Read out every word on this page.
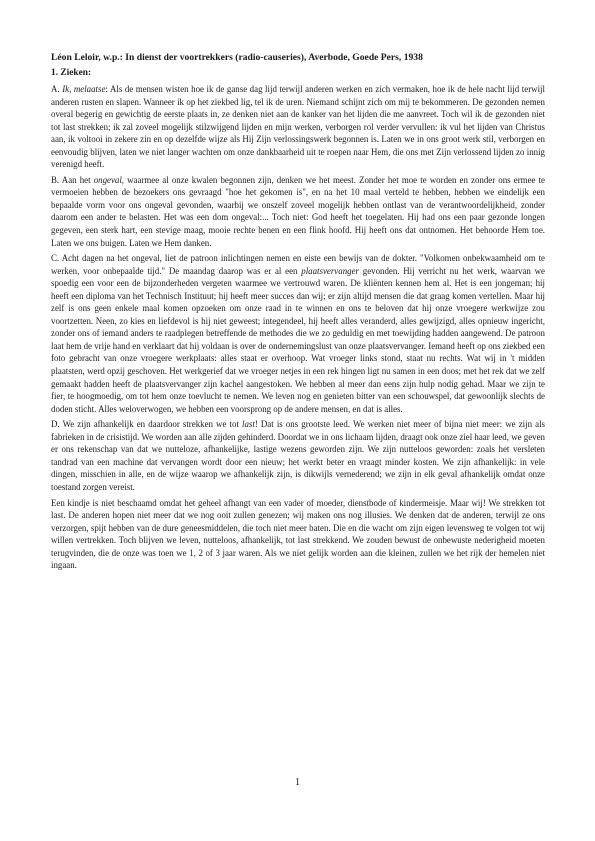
Léon Leloir, w.p.: In dienst der voortrekkers (radio-causeries), Averbode, Goede Pers, 1938
1. Zieken:

A. Ik, melaatse: Als de mensen wisten hoe ik de ganse dag lijd terwijl anderen werken en zich vermaken, hoe ik de hele nacht lijd terwijl anderen rusten en slapen. Wanneer ik op het ziekbed lig, tel ik de uren. Niemand schijnt zich om mij te bekommeren. De gezonden nemen overal begerig en gewichtig de eerste plaats in, ze denken niet aan de kanker van het lijden die me aanvreet. Toch wil ik de gezonden niet tot last strekken; ik zal zoveel mogelijk stilzwijgend lijden en mijn werken, verborgen rol verder vervullen: ik vul het lijden van Christus aan, ik voltooi in zekere zin en op dezelfde wijze als Hij Zijn verlossingswerk begonnen is. Laten we in ons groot werk stil, verborgen en eenvoudig blijven, laten we niet langer wachten om onze dankbaarheid uit te roepen naar Hem, die ons met Zijn verlossend lijden zo innig verenigd heeft.

B. Aan het ongeval, waarmee al onze kwalen begonnen zijn, denken we het meest. Zonder het moe te worden en zonder ons ermee te vermoeien hebben de bezoekers ons gevraagd "hoe het gekomen is", en na het 10 maal verteld te hebben, hebben we eindelijk een bepaalde vorm voor ons ongeval gevonden, waarbij we onszelf zoveel mogelijk hebben ontlast van de verantwoordelijkheid, zonder daarom een ander te belasten. Het was een dom ongeval:... Toch niet: God heeft het toegelaten. Hij had ons een paar gezonde longen gegeven, een sterk hart, een stevige maag, mooie rechte benen en een flink hoofd. Hij heeft ons dat ontnomen. Het behoorde Hem toe. Laten we ons buigen. Laten we Hem danken.

C. Acht dagen na het ongeval, liet de patroon inlichtingen nemen en eiste een bewijs van de dokter. "Volkomen onbekwaamheid om te werken, voor onbepaalde tijd." De maandag daarop was er al een plaatsvervanger gevonden. Hij verricht nu het werk, waarvan we spoedig een voor een de bijzonderheden vergeten waarmee we vertrouwd waren. De kliënten kennen hem al. Het is een jongeman; hij heeft een diploma van het Technisch Instituut; hij heeft meer succes dan wij; er zijn altijd mensen die dat graag komen vertellen. Maar hij zelf is ons geen enkele maal komen opzoeken om onze raad in te winnen en ons te beloven dat hij onze vroegere werkwijze zou voortzetten. Neen, zo kies en liefdevol is hij niet geweest; integendeel, hij heeft alles veranderd, alles gewijzigd, alles opnieuw ingericht, zonder ons of iemand anders te raadplegen betreffende de methodes die we zo geduldig en met toewijding hadden aangewend. De patroon laat hem de vrije hand en verklaart dat hij voldaan is over de ondernemingslust van onze plaatsvervanger. Iemand heeft op ons ziekbed een foto gebracht van onze vroegere werkplaats: alles staat er overhoop. Wat vroeger links stond, staat nu rechts. Wat wij in 't midden plaatsten, werd opzij geschoven. Het werkgerief dat we vroeger netjes in een rek hingen ligt nu samen in een doos; met het rek dat we zelf gemaakt hadden heeft de plaatsvervanger zijn kachel aangestoken. We hebben al meer dan eens zijn hulp nodig gehad. Maar we zijn te fier, te hoogmoedig, om tot hem onze toevlucht te nemen. We leven nog en genieten bitter van een schouwspel, dat gewoonlijk slechts de doden sticht. Alles weloverwogen, we hebben een voorsprong op de andere mensen, en dat is alles.

D. We zijn afhankelijk en daardoor strekken we tot last! Dat is ons grootste leed. We werken niet meer of bijna niet meer: we zijn als fabrieken in de crisistijd. We worden aan alle zijden gehinderd. Doordat we in ons lichaam lijden, draagt ook onze ziel haar leed, we geven er ons rekenschap van dat we nutteloze, afhankelijke, lastige wezens geworden zijn. We zijn nutteloos geworden: zoals het versleten tandrad van een machine dat vervangen wordt door een nieuw; het werkt beter en vraagt minder kosten. We zijn afhankelijk: in vele dingen, misschien in alle, en de wijze waarop we afhankelijk zijn, is dikwijls vernederend; we zijn in elk geval afhankelijk omdat onze toestand zorgen vereist.

Een kindje is niet beschaamd omdat het geheel afhangt van een vader of moeder, dienstbode of kindermeisje. Maar wij! We strekken tot last. De anderen hopen niet meer dat we nog ooit zullen genezen; wij maken ons nog illusies. We denken dat de anderen, terwijl ze ons verzorgen, spijt hebben van de dure geneesmiddelen, die toch niet meer baten. Die en die wacht om zijn eigen levensweg te volgen tot wij willen vertrekken. Toch blijven we leven, nutteloos, afhankelijk, tot last strekkend. We zouden bewust de onbewuste nederigheid moeten terugvinden, die de onze was toen we 1, 2 of 3 jaar waren. Als we niet gelijk worden aan die kleinen, zullen we het rijk der hemelen niet ingaan.

1
